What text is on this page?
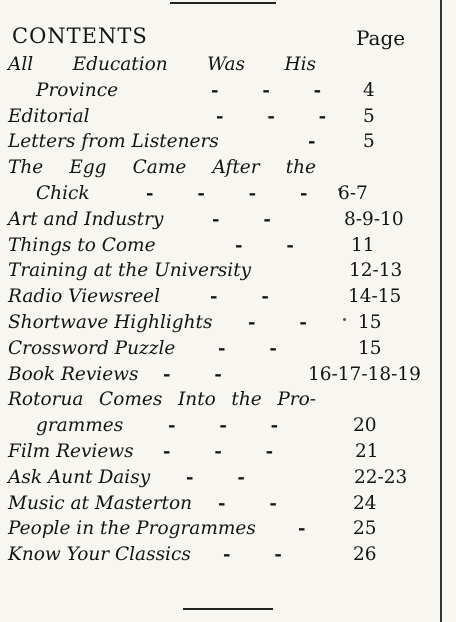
CONTENTS	Page
All Education Was His
Province	-       -       - 4
Editorial	-       -       - 5
Letters from Listeners	-	5
The Egg Came After the
Chick	-       -       -       - 6-7
Art and Industry	-       -	8-9-10
Things to Come	-       -	11
Training at the University	12-13
Radio Viewsreel	-       -	14-15
Shortwave Highlights -       -	15
Crossword Puzzle -       -	15
Book Reviews -       -	16-17-18-19
Rotorua Comes Into the Pro-
grammes -       -       -	20
Film Reviews -       -       -	21
Ask Aunt Daisy -       -	22-23
Music at Masterton -       -	24
People in the Programmes -	25
Know Your Classics -       -	26
